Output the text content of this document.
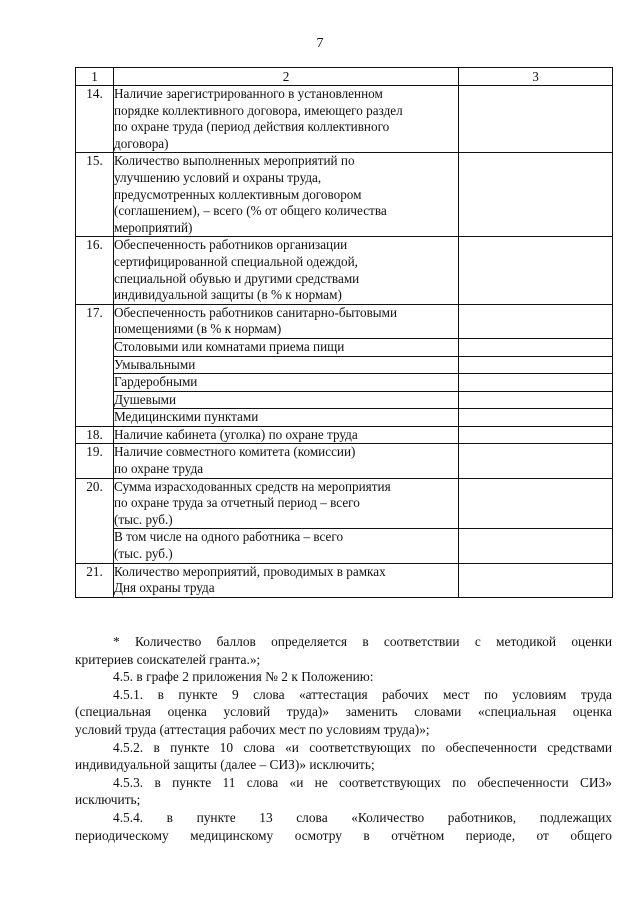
7
1	2	3
14.	Наличие зарегистрированного в установленном
порядке коллективного договора, имеющего раздел
по охране труда (период действия коллективного
договора)	

15.	Количество выполненных мероприятий по
улучшению условий и охраны труда,
предусмотренных коллективным договором
(соглашением), – всего (% от общего количества
мероприятий)	

16.	Обеспеченность работников организации
сертифицированной специальной одеждой,
специальной обувью и другими средствами
индивидуальной защиты (в % к нормам)	

17.	Обеспеченность работников санитарно-бытовыми
помещениями (в % к нормам)	

	Столовыми или комнатами приема пищи	
	Умывальными	
	Гардеробными	
	Душевыми	
	Медицинскими пунктами	
18.	Наличие кабинета (уголка) по охране труда	

19.	Наличие совместного комитета (комиссии)
по охране труда	

20.	Сумма израсходованных средств на мероприятия
по охране труда за отчетный период – всего
(тыс. руб.)	

	В том числе на одного работника – всего
(тыс. руб.)	

21.	Количество мероприятий, проводимых в рамках
Дня охраны труда	

* Количество баллов определяется в соответствии с методикой оценки

критериев соискателей гранта.»;

4.5. в графе 2 приложения № 2 к Положению:

4.5.1. в пункте 9 слова «аттестация рабочих мест по условиям труда

(специальная оценка условий труда)» заменить словами «специальная оценка

условий труда (аттестация рабочих мест по условиям труда)»;

4.5.2. в пункте 10 слова «и соответствующих по обеспеченности средствами

индивидуальной защиты (далее – СИЗ)» исключить;

4.5.3. в пункте 11 слова «и не соответствующих по обеспеченности СИЗ»

исключить;

4.5.4. в пункте 13 слова «Количество работников, подлежащих

периодическому медицинскому осмотру в отчётном периоде, от общего
